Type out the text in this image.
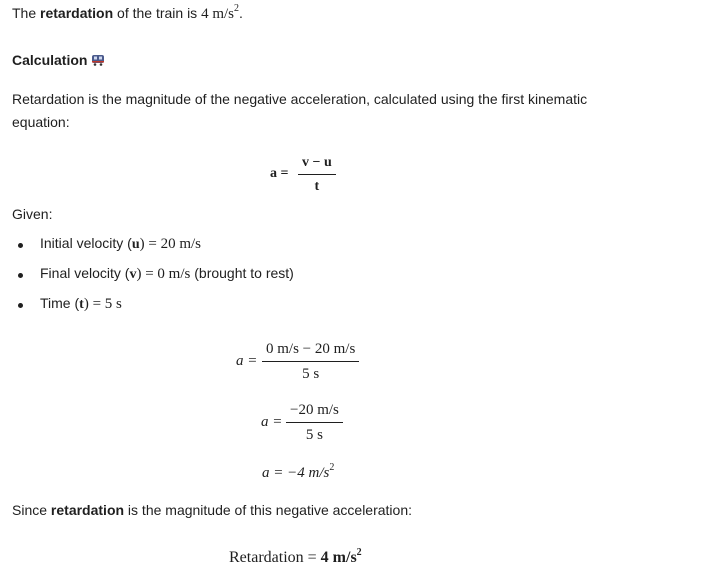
The retardation of the train is 4 $m/s^2$.
Calculation
Retardation is the magnitude of the negative acceleration, calculated using the first kinematic
equation:
$a = \frac{v - u}{t}$
Given:
Initial velocity (u) = 20 m/s
Final velocity (v) = 0 m/s (brought to rest)
Time (t) = 5 s
$a = \frac{0 m/s - 20 m/s}{5 s}$
$a = \frac{-20 m/s}{5 s}$
a = −4 $m/s^2$
Since retardation is the magnitude of this negative acceleration:
Retardation = 4 $m/s^2$
